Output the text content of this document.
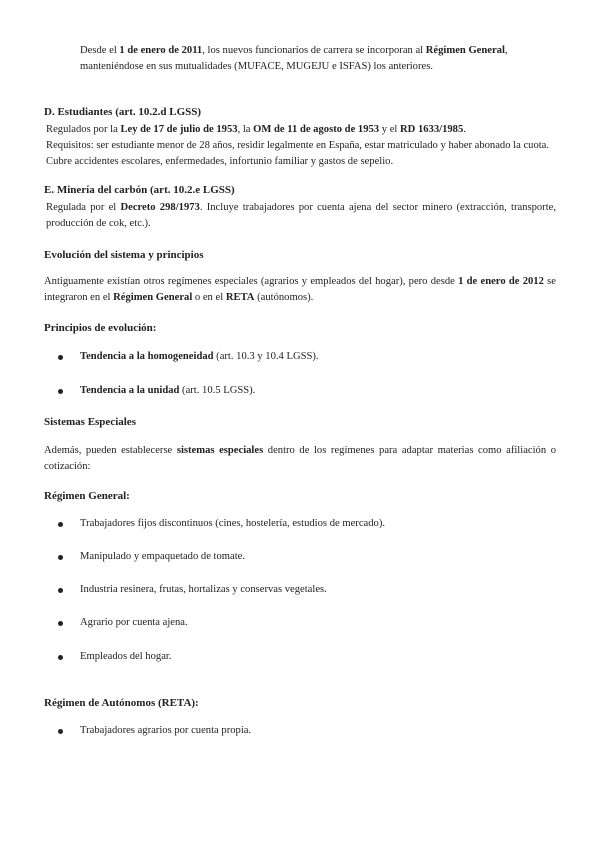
Desde el 1 de enero de 2011, los nuevos funcionarios de carrera se incorporan al Régimen General,
manteniéndose en sus mutualidades (MUFACE, MUGEJU e ISFAS) los anteriores.
D. Estudiantes (art. 10.2.d LGSS)
Regulados por la Ley de 17 de julio de 1953, la OM de 11 de agosto de 1953 y el RD 1633/1985.
Requisitos: ser estudiante menor de 28 años, residir legalmente en España, estar matriculado y haber abonado la cuota.
Cubre accidentes escolares, enfermedades, infortunio familiar y gastos de sepelio.
E. Minería del carbón (art. 10.2.e LGSS)
Regulada por el Decreto 298/1973. Incluye trabajadores por cuenta ajena del sector minero (extracción, transporte, producción de cok, etc.).
Evolución del sistema y principios
Antiguamente existían otros regímenes especiales (agrarios y empleados del hogar), pero desde 1 de enero de 2012 se integraron en el Régimen General o en el RETA (autónomos).
Principios de evolución:
Tendencia a la homogeneidad (art. 10.3 y 10.4 LGSS).
Tendencia a la unidad (art. 10.5 LGSS).
Sistemas Especiales
Además, pueden establecerse sistemas especiales dentro de los regímenes para adaptar materias como afiliación o cotización:
Régimen General:
Trabajadores fijos discontinuos (cines, hostelería, estudios de mercado).
Manipulado y empaquetado de tomate.
Industria resinera, frutas, hortalizas y conservas vegetales.
Agrario por cuenta ajena.
Empleados del hogar.
Régimen de Autónomos (RETA):
Trabajadores agrarios por cuenta propia.
